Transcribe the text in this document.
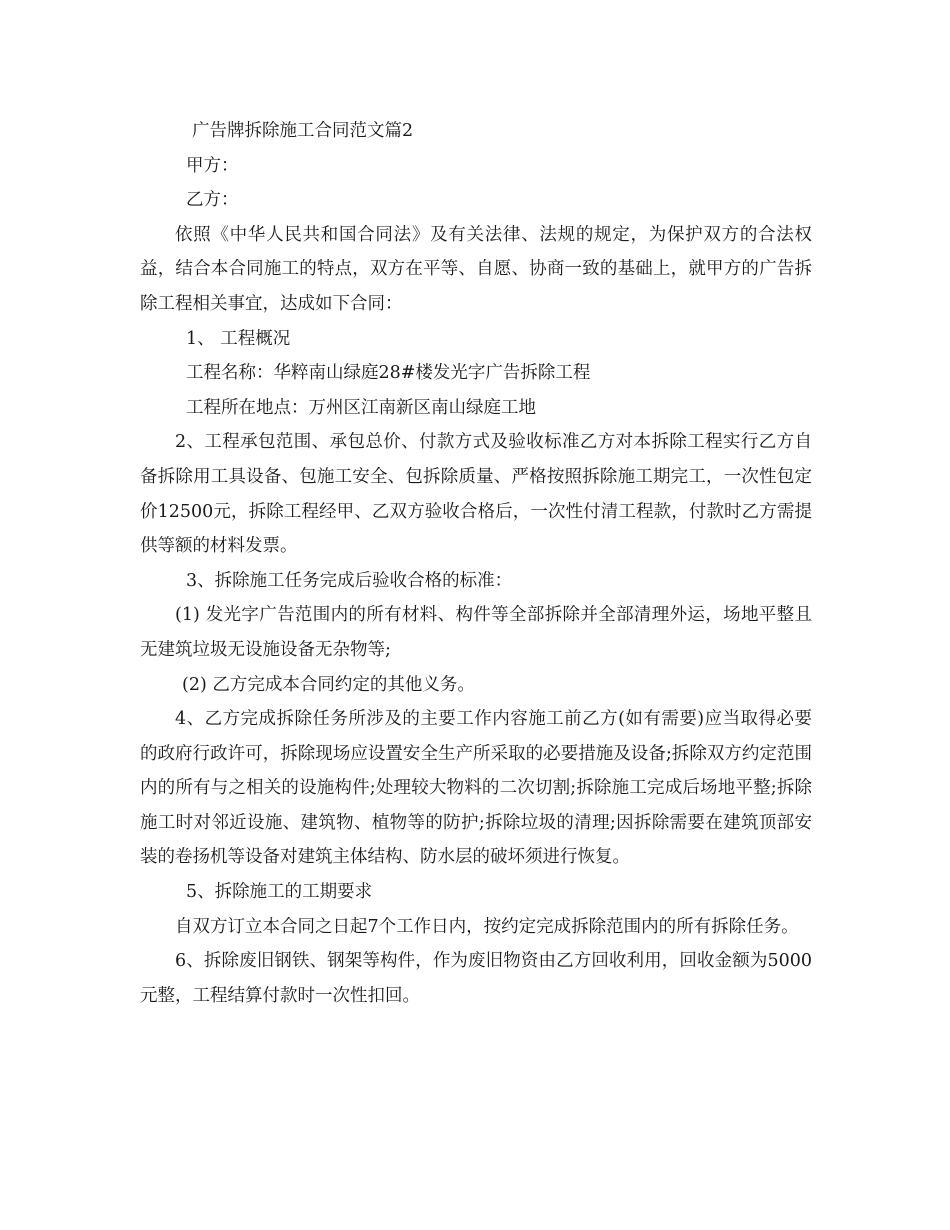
广告牌拆除施工合同范文篇2
甲方：
乙方：

依照《中华人民共和国合同法》及有关法律、法规的规定，为保护双方的合法权益，结合本合同施工的特点，双方在平等、自愿、协商一致的基础上，就甲方的广告拆除工程相关事宜，达成如下合同：

1、 工程概况
工程名称：华粹南山绿庭28#楼发光字广告拆除工程
工程所在地点：万州区江南新区南山绿庭工地

2、工程承包范围、承包总价、付款方式及验收标准乙方对本拆除工程实行乙方自备拆除用工具设备、包施工安全、包拆除质量、严格按照拆除施工期完工，一次性包定价12500元，拆除工程经甲、乙双方验收合格后，一次性付清工程款，付款时乙方需提供等额的材料发票。

3、拆除施工任务完成后验收合格的标准：

(1) 发光字广告范围内的所有材料、构件等全部拆除并全部清理外运，场地平整且无建筑垃圾无设施设备无杂物等;

(2) 乙方完成本合同约定的其他义务。

4、乙方完成拆除任务所涉及的主要工作内容施工前乙方(如有需要)应当取得必要的政府行政许可，拆除现场应设置安全生产所采取的必要措施及设备;拆除双方约定范围内的所有与之相关的设施构件;处理较大物料的二次切割;拆除施工完成后场地平整;拆除施工时对邻近设施、建筑物、植物等的防护;拆除垃圾的清理;因拆除需要在建筑顶部安装的卷扬机等设备对建筑主体结构、防水层的破坏须进行恢复。

5、拆除施工的工期要求

自双方订立本合同之日起7个工作日内，按约定完成拆除范围内的所有拆除任务。

6、拆除废旧钢铁、钢架等构件，作为废旧物资由乙方回收利用，回收金额为5000元整，工程结算付款时一次性扣回。
